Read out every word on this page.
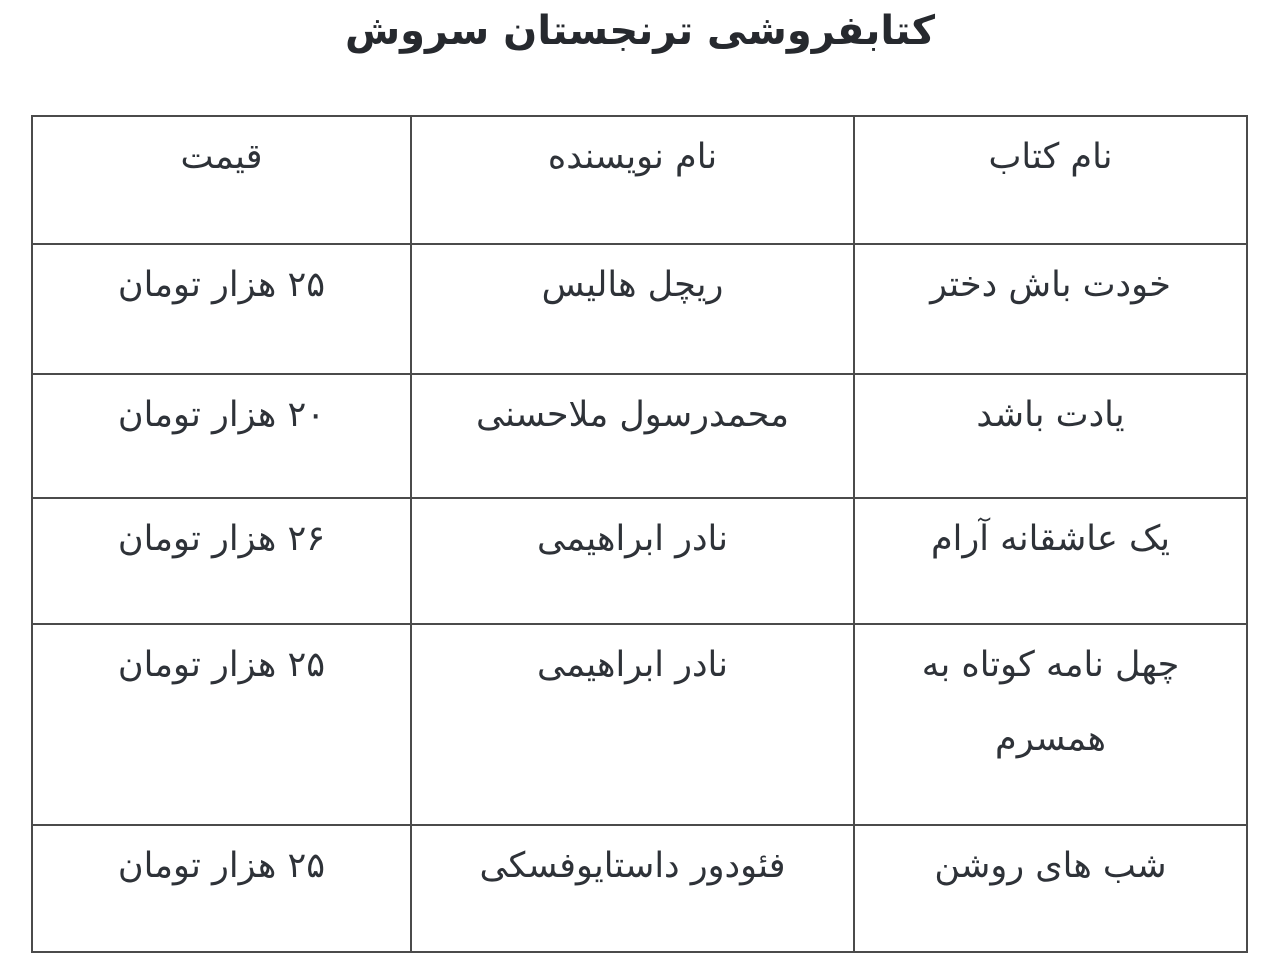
کتابفروشی ترنجستان سروش
نام کتاب	نام نویسنده	قیمت
خودت باش دختر	ریچل هالیس	۲۵ هزار تومان
یادت باشد	محمدرسول ملاحسنی	۲۰ هزار تومان
یک عاشقانه آرام	نادر ابراهیمی	۲۶ هزار تومان
چهل نامه کوتاه به همسرم	نادر ابراهیمی	۲۵ هزار تومان
شب های روشن	فئودور داستایوفسکی	۲۵ هزار تومان
